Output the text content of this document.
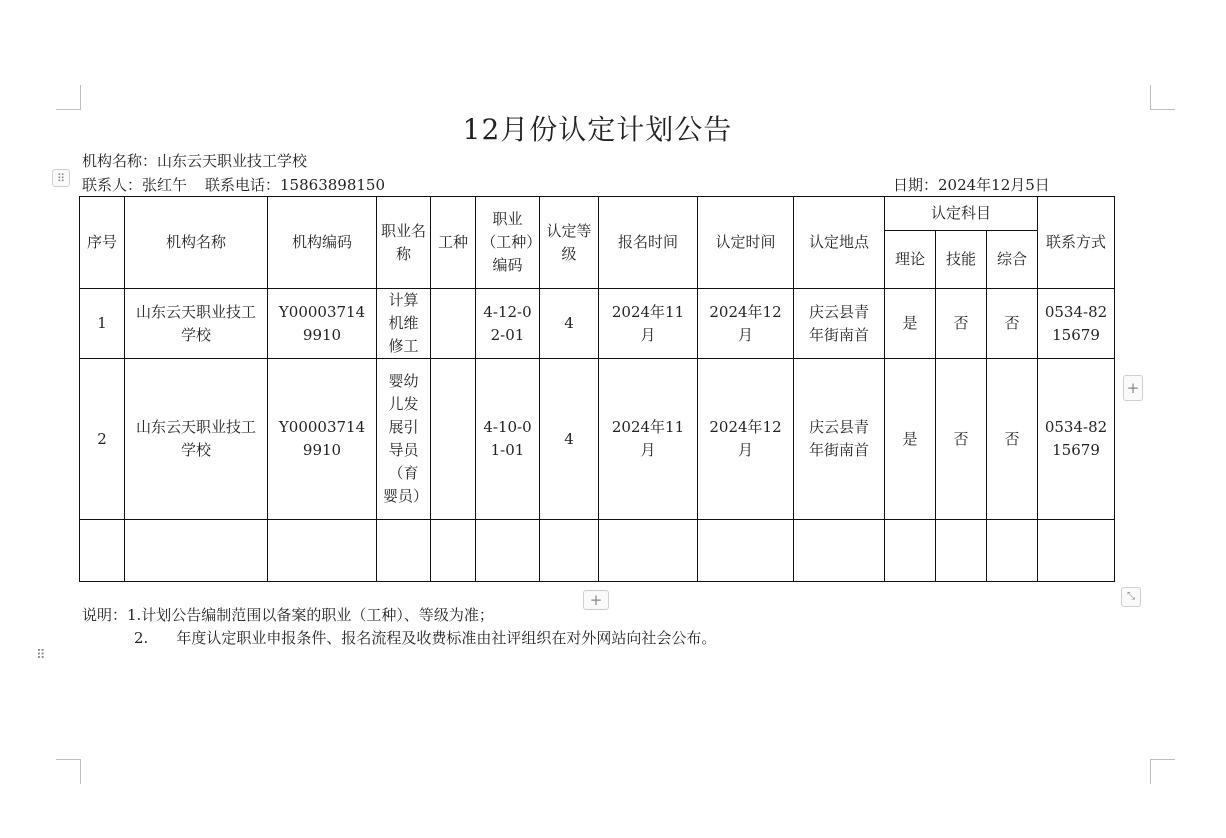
12月份认定计划公告
机构名称：山东云天职业技工学校
联系人：张红午 联系电话：15863898150	日期：2024年12月5日
⠿
序号	机构名称	机构编码	职业名称	工种	职业（工种）编码	认定等级	报名时间	认定时间	认定地点	认定科目			联系方式
										理论	技能	综合	
1	山东云天职业技工学校	Y000037149910	计算机维修工		4-12-02-01	4	2024年11月	2024年12月	庆云县青年街南首	是	否	否	0534-8215679
2	山东云天职业技工学校	Y000037149910	婴幼儿发展引导员（育婴员）		4-10-01-01	4	2024年11月	2024年12月	庆云县青年街南首	是	否	否	0534-8215679

+
+	⤡
说明：1.计划公告编制范围以备案的职业（工种）、等级为准；
2. 年度认定职业申报条件、报名流程及收费标准由社评组织在对外网站向社会公布。
⠿
